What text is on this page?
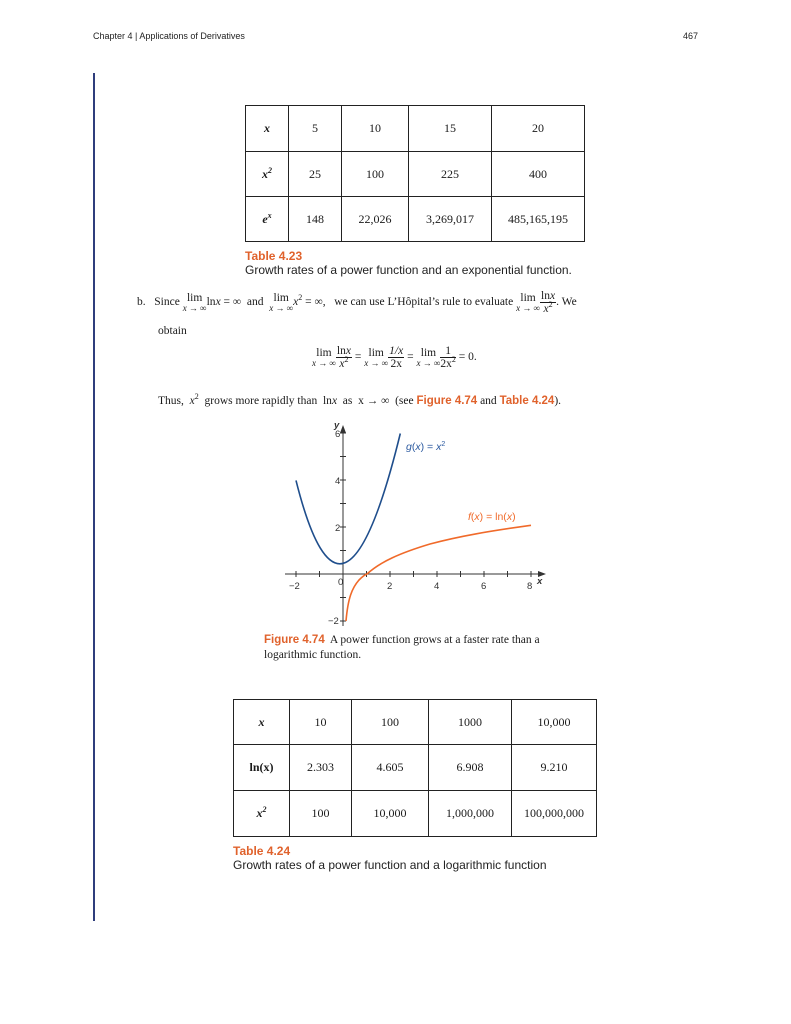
Chapter 4 | Applications of Derivatives	467
x	5	10	15	20
$x^2$	25	100	225	400
$e^x$	148	22,026	3,269,017	485,165,195
Table 4.23
Growth rates of a power function and an exponential function.
b. Since lim
x → ∞ lnx = ∞ and lim
x → ∞ $x^2$ = ∞,   we can use L’Hôpital’s rule to evaluate lim
x → ∞ $\frac{\ln x}{x^2}$ . We
obtain
lim
x → ∞ $\frac{\ln x}{x^2} = \lim$
x → ∞ $\frac{1/x}{2x} = \lim$
x → ∞ $\frac{1}{2x^2} = 0$.
Thus, $x^2$ grows more rapidly than lnx as x → ∞ (see Figure 4.74 and Table 4.24).
−2	0	2	4	6	8
−2
2
4
6
x
y
$g(x) = x^2$
f(x) = ln(x)
Figure 4.74 A power function grows at a faster rate than a logarithmic function.
x	10	100	1000	10,000
ln(x)	2.303	4.605	6.908	9.210
$x^2$	100	10,000	1,000,000	100,000,000
Table 4.24
Growth rates of a power function and a logarithmic function
